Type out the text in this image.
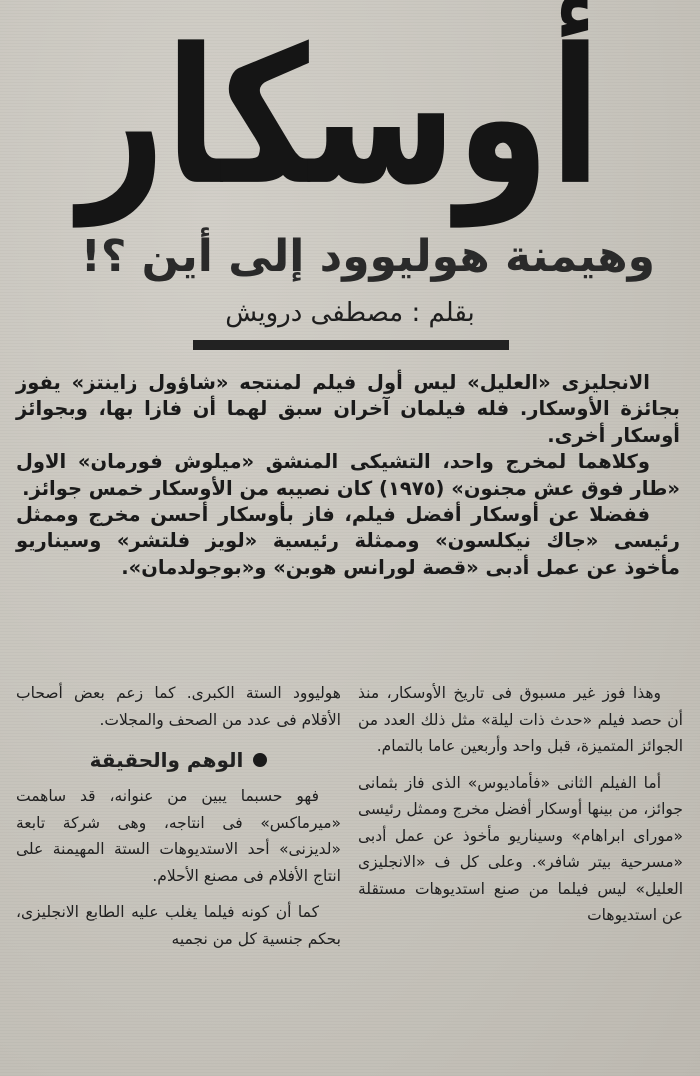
أوسكار
وهيمنة هوليوود إلى أين ؟!
بقلم : مصطفى درويش

الانجليزى «العليل» ليس أول فيلم لمنتجه «شاؤول زاينتز» يفوز بجائزة الأوسكار. فله فيلمان آخران سبق لهما أن فازا بها، وبجوائز أوسكار أخرى.

وكلاهما لمخرج واحد، التشيكى المنشق «ميلوش فورمان» الاول «طار فوق عش مجنون» (١٩٧٥) كان نصيبه من الأوسكار خمس جوائز.

ففضلا عن أوسكار أفضل فيلم، فاز بأوسكار أحسن مخرج وممثل رئيسى «جاك نيكلسون» وممثلة رئيسية «لويز فلتشر» وسيناريو مأخوذ عن عمل أدبى «قصة لورانس هوبن» و«بوجولدمان».

وهذا فوز غير مسبوق فى تاريخ الأوسكار، منذ أن حصد فيلم «حدث ذات ليلة» مثل ذلك العدد من الجوائز المتميزة، قبل واحد وأربعين عاما بالتمام.

أما الفيلم الثانى «فأماديوس» الذى فاز بثمانى جوائز، من بينها أوسكار أفضل مخرج وممثل رئيسى «موراى ابراهام» وسيناريو مأخوذ عن عمل أدبى «مسرحية بيتر شافر». وعلى كل ف «الانجليزى العليل» ليس فيلما من صنع استديوهات مستقلة عن استديوهات

هوليوود الستة الكبرى. كما زعم بعض أصحاب الأقلام فى عدد من الصحف والمجلات.

الوهم والحقيقة

فهو حسبما يبين من عنوانه، قد ساهمت «ميرماكس» فى انتاجه، وهى شركة تابعة «لديزنى» أحد الاستديوهات الستة المهيمنة على انتاج الأفلام فى مصنع الأحلام.

كما أن كونه فيلما يغلب عليه الطابع الانجليزى، بحكم جنسية كل من نجميه
